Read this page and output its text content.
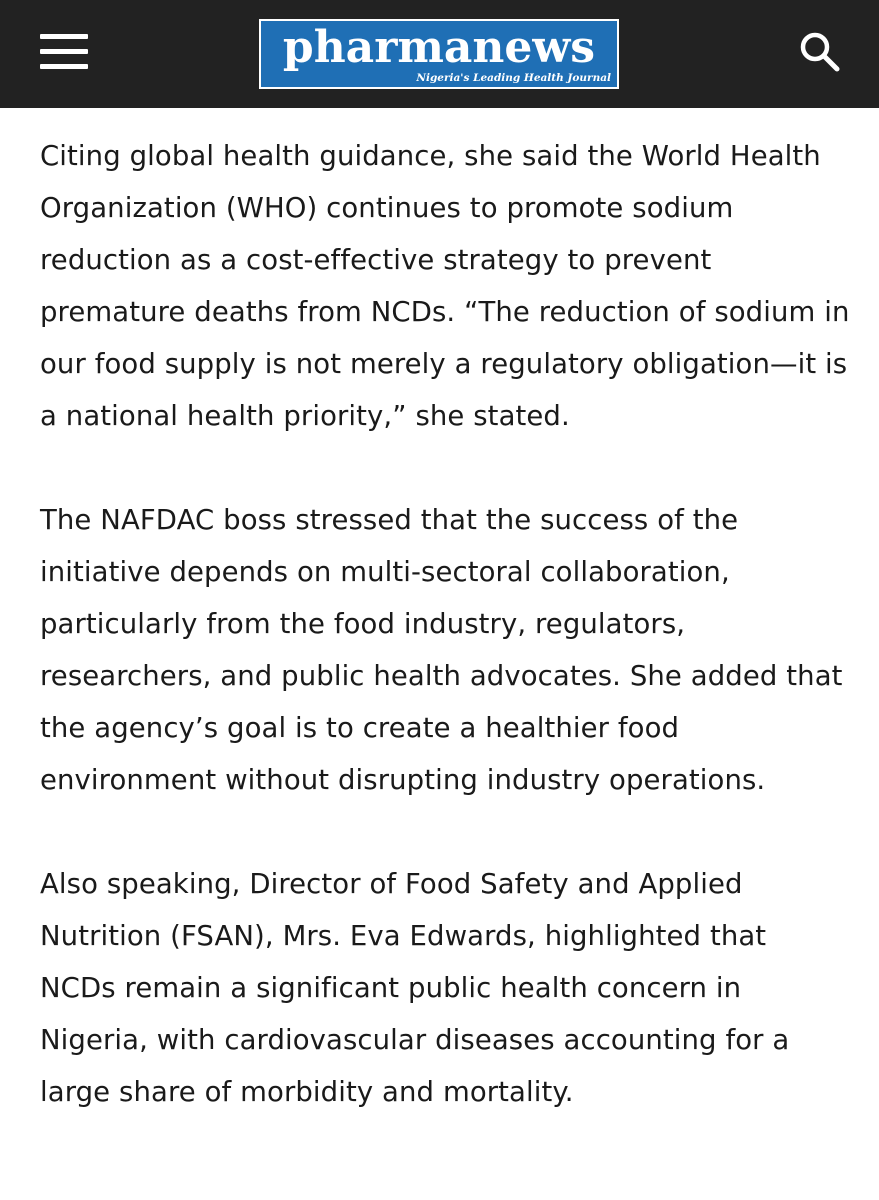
pharmanews
Nigeria's Leading Health Journal

Citing global health guidance, she said the World Health Organization (WHO) continues to promote sodium reduction as a cost-effective strategy to prevent premature deaths from NCDs. “The reduction of sodium in our food supply is not merely a regulatory obligation—it is a national health priority,” she stated.

The NAFDAC boss stressed that the success of the initiative depends on multi-sectoral collaboration, particularly from the food industry, regulators, researchers, and public health advocates. She added that the agency’s goal is to create a healthier food environment without disrupting industry operations.

Also speaking, Director of Food Safety and Applied Nutrition (FSAN), Mrs. Eva Edwards, highlighted that NCDs remain a significant public health concern in Nigeria, with cardiovascular diseases accounting for a large share of morbidity and mortality.
